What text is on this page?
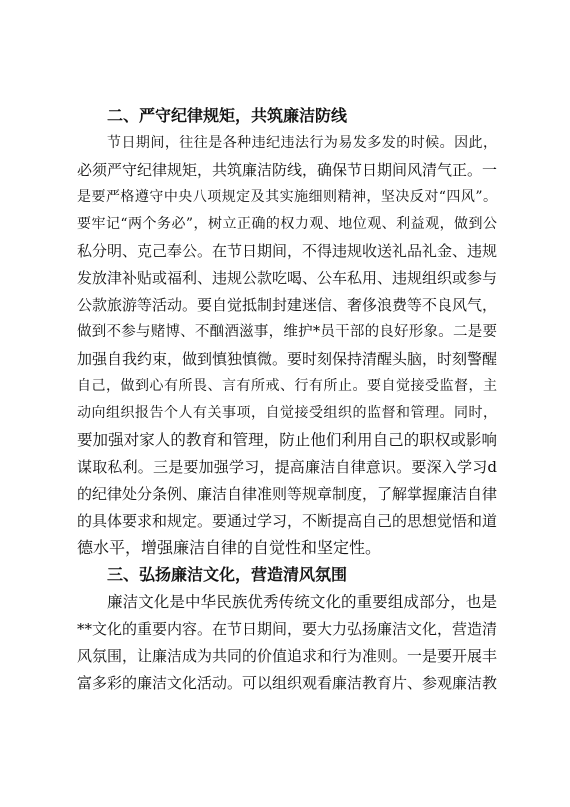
二、严守纪律规矩，共筑廉洁防线
节日期间，往往是各种违纪违法行为易发多发的时候。因此，
必须严守纪律规矩，共筑廉洁防线，确保节日期间风清气正。一
是要严格遵守中央八项规定及其实施细则精神，坚决反对“四风”。
要牢记“两个务必”，树立正确的权力观、地位观、利益观，做到公
私分明、克己奉公。在节日期间，不得违规收送礼品礼金、违规
发放津补贴或福利、违规公款吃喝、公车私用、违规组织或参与
公款旅游等活动。要自觉抵制封建迷信、奢侈浪费等不良风气，
做到不参与赌博、不酗酒滋事，维护*员干部的良好形象。二是要
加强自我约束，做到慎独慎微。要时刻保持清醒头脑，时刻警醒
自己，做到心有所畏、言有所戒、行有所止。要自觉接受监督，主
动向组织报告个人有关事项，自觉接受组织的监督和管理。同时，
要加强对家人的教育和管理，防止他们利用自己的职权或影响
谋取私利。三是要加强学习，提高廉洁自律意识。要深入学习d
的纪律处分条例、廉洁自律准则等规章制度，了解掌握廉洁自律
的具体要求和规定。要通过学习，不断提高自己的思想觉悟和道
德水平，增强廉洁自律的自觉性和坚定性。
三、弘扬廉洁文化，营造清风氛围
廉洁文化是中华民族优秀传统文化的重要组成部分，也是
**文化的重要内容。在节日期间，要大力弘扬廉洁文化，营造清
风氛围，让廉洁成为共同的价值追求和行为准则。一是要开展丰
富多彩的廉洁文化活动。可以组织观看廉洁教育片、参观廉洁教
